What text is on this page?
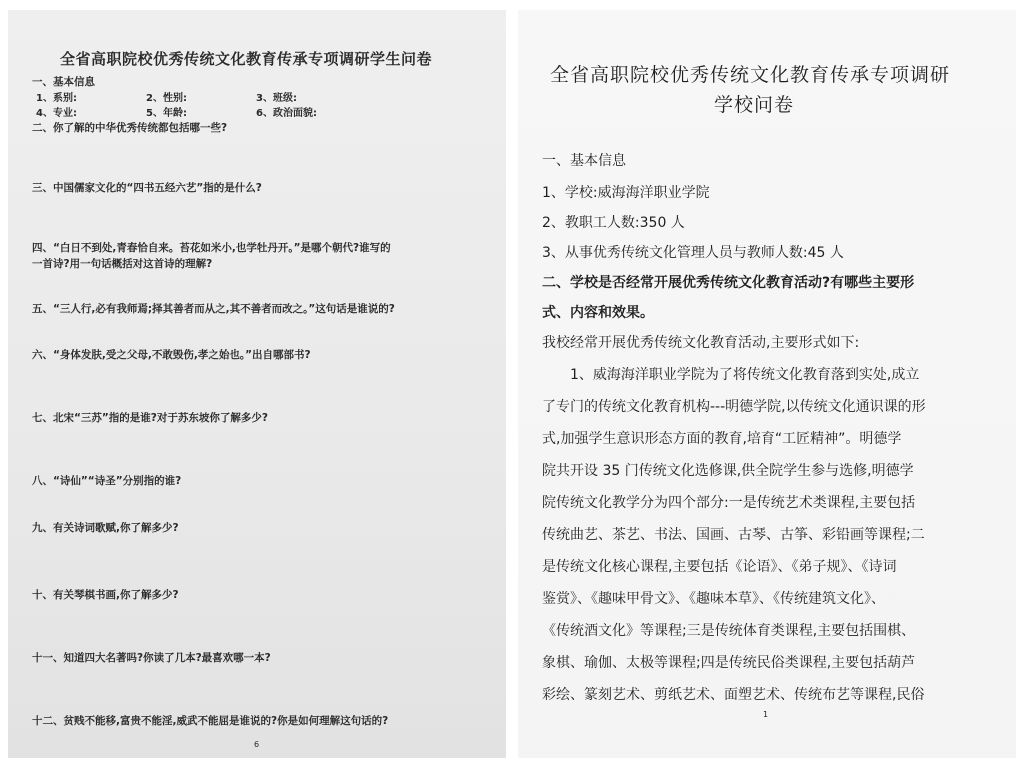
全省高职院校优秀传统文化教育传承专项调研学生问卷

一、基本信息

1、系别:	2、性别:	3、班级:
4、专业:	5、年龄:	6、政治面貌:

二、你了解的中华优秀传统都包括哪一些?

三、中国儒家文化的“四书五经六艺”指的是什么?

四、“白日不到处,青春恰自来。苔花如米小,也学牡丹开。”是哪个朝代?谁写的

一首诗?用一句话概括对这首诗的理解?

五、“三人行,必有我师焉;择其善者而从之,其不善者而改之。”这句话是谁说的?

六、“身体发肤,受之父母,不敢毁伤,孝之始也。”出自哪部书?

七、北宋“三苏”指的是谁?对于苏东坡你了解多少?

八、“诗仙”“诗圣”分别指的谁?

九、有关诗词歌赋,你了解多少?

十、有关琴棋书画,你了解多少?

十一、知道四大名著吗?你读了几本?最喜欢哪一本?

十二、贫贱不能移,富贵不能淫,威武不能屈是谁说的?你是如何理解这句话的?

6

全省高职院校优秀传统文化教育传承专项调研

学校问卷

一、基本信息

1、学校:威海海洋职业学院

2、教职工人数:350 人

3、从事优秀传统文化管理人员与教师人数:45 人

二、学校是否经常开展优秀传统文化教育活动?有哪些主要形

式、内容和效果。

我校经常开展优秀传统文化教育活动,主要形式如下:

1、威海海洋职业学院为了将传统文化教育落到实处,成立

了专门的传统文化教育机构---明德学院,以传统文化通识课的形

式,加强学生意识形态方面的教育,培育“工匠精神”。明德学

院共开设 35 门传统文化选修课,供全院学生参与选修,明德学

院传统文化教学分为四个部分:一是传统艺术类课程,主要包括

传统曲艺、茶艺、书法、国画、古琴、古筝、彩铅画等课程;二

是传统文化核心课程,主要包括《论语》、《弟子规》、《诗词

鉴赏》、《趣味甲骨文》、《趣味本草》、《传统建筑文化》、

《传统酒文化》等课程;三是传统体育类课程,主要包括围棋、

象棋、瑜伽、太极等课程;四是传统民俗类课程,主要包括葫芦

彩绘、篆刻艺术、剪纸艺术、面塑艺术、传统布艺等课程,民俗

1
